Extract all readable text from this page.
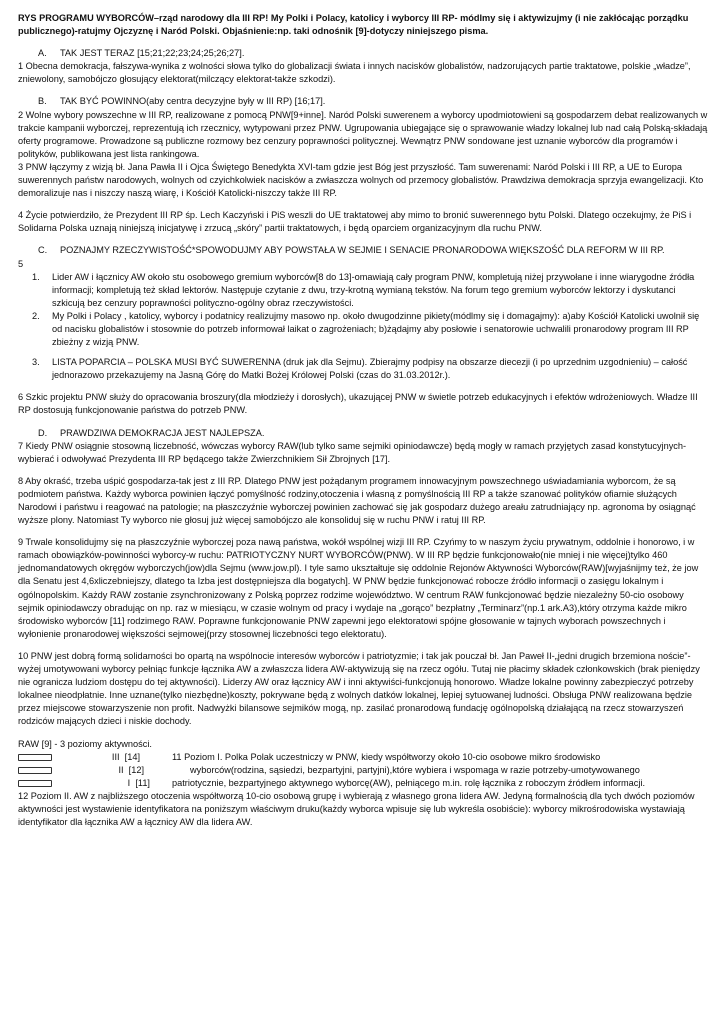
RYS PROGRAMU WYBORCÓW–rząd narodowy dla III RP! My Polki i Polacy, katolicy i wyborcy III RP- módlmy się i aktywizujmy (i nie zakłócając porządku publicznego)-ratujmy Ojczyznę i Naród Polski. Objaśnienie:np. taki odnośnik [9]-dotyczy niniejszego pisma.

A. TAK JEST TERAZ [15;21;22;23;24;25;26;27].

1 Obecna demokracja, fałszywa-wynika z wolności słowa tylko do globalizacji świata i innych nacisków globalistów, nadzorujących partie traktatowe, polskie „władze”, zniewolony, samobójczo głosujący elektorat(milczący elektorat-także szkodzi).

B. TAK BYĆ POWINNO(aby centra decyzyjne były w III RP) [16;17].

2 Wolne wybory powszechne w III RP, realizowane z pomocą PNW[9+inne]. Naród Polski suwerenem a wyborcy upodmiotowieni są gospodarzem debat realizowanych w trakcie kampanii wyborczej, reprezentują ich rzecznicy, wytypowani przez PNW. Ugrupowania ubiegające się o sprawowanie władzy lokalnej lub nad całą Polską-składają oferty programowe. Prowadzone są publiczne rozmowy bez cenzury poprawności politycznej. Wewnątrz PNW sondowane jest uznanie wyborców dla programów i polityków, publikowana jest lista rankingowa.

3 PNW łączymy z wizją bł. Jana Pawła II i Ojca Świętego Benedykta XVI-tam gdzie jest Bóg jest przyszłość. Tam suwerenami: Naród Polski i III RP, a UE to Europa suwerennych państw narodowych, wolnych od czyichkolwiek nacisków a zwłaszcza wolnych od przemocy globalistów. Prawdziwa demokracja sprzyja ewangelizacji. Kto demoralizuje nas i niszczy naszą wiarę, i Kościół Katolicki-niszczy także III RP.

4 Życie potwierdziło, że Prezydent III RP śp. Lech Kaczyński i PiS weszli do UE traktatowej aby mimo to bronić suwerennego bytu Polski. Dlatego oczekujmy, że PiS i Solidarna Polska uznają niniejszą inicjatywę i zrzucą „skóry” partii traktatowych, i będą oparciem organizacyjnym dla ruchu PNW.

C. POZNAJMY RZECZYWISTOŚĆ*SPOWODUJMY ABY POWSTAŁA W SEJMIE I SENACIE PRONARODOWA WIĘKSZOŚĆ DLA REFORM W III RP.

5

1. Lider AW i łącznicy AW około stu osobowego gremium wyborców[8 do 13]-omawiają cały program PNW, kompletują niżej przywołane i inne wiarygodne źródła informacji; kompletują też skład lektorów. Następuje czytanie z dwu, trzy-krotną wymianą tekstów. Na forum tego gremium wyborców lektorzy i dyskutanci szkicują bez cenzury poprawności polityczno-ogólny obraz rzeczywistości.
2. My Polki i Polacy , katolicy, wyborcy i podatnicy realizujmy masowo np. około dwugodzinne pikiety(módlmy się i domagajmy): a)aby Kościół Katolicki uwolnił się od nacisku globalistów i stosownie do potrzeb informował laikat o zagrożeniach; b)żądajmy aby posłowie i senatorowie uchwalili pronarodowy program III RP zbieżny z wizją PNW.
3. LISTA POPARCIA – POLSKA MUSI BYĆ SUWERENNA (druk jak dla Sejmu). Zbierajmy podpisy na obszarze diecezji (i po uprzednim uzgodnieniu) – całość jednorazowo przekazujemy na Jasną Górę do Matki Bożej Królowej Polski (czas do 31.03.2012r.).

6 Szkic projektu PNW służy do opracowania broszury(dla młodzieży i dorosłych), ukazującej PNW w świetle potrzeb edukacyjnych i efektów wdrożeniowych. Władze III RP dostosują funkcjonowanie państwa do potrzeb PNW.

D. PRAWDZIWA DEMOKRACJA JEST NAJLEPSZA.

7 Kiedy PNW osiągnie stosowną liczebność, wówczas wyborcy RAW(lub tylko same sejmiki opiniodawcze) będą mogły w ramach przyjętych zasad konstytucyjnych-wybierać i odwoływać Prezydenta III RP będącego także Zwierzchnikiem Sił Zbrojnych [17].

8 Aby okraść, trzeba uśpić gospodarza-tak jest z III RP. Dlatego PNW jest pożądanym programem innowacyjnym powszechnego uświadamiania wyborcom, że są podmiotem państwa. Każdy wyborca powinien łączyć pomyślność rodziny,otoczenia i własną z pomyślnością III RP a także szanować polityków ofiarnie służących Narodowi i państwu i reagować na patologie; na płaszczyźnie wyborczej powinien zachować się jak gospodarz dużego areału zatrudniający np. agronoma by osiągnąć wyższe plony. Natomiast Ty wyborco nie głosuj już więcej samobójczo ale konsoliduj się w ruchu PNW i ratuj III RP.

9 Trwale konsolidujmy się na płaszczyźnie wyborczej poza nawą państwa, wokół wspólnej wizji III RP. Czyńmy to w naszym życiu prywatnym, oddolnie i honorowo, i w ramach obowiązków-powinności wyborcy-w ruchu: PATRIOTYCZNY NURT WYBORCÓW(PNW). W III RP będzie funkcjonowało(nie mniej i nie więcej)tylko 460 jednomandatowych okręgów wyborczych(jow)dla Sejmu (www.jow.pl). I tyle samo ukształtuje się oddolnie Rejonów Aktywności Wyborców(RAW)[wyjaśnijmy też, że jow dla Senatu jest 4,6xliczebniejszy, dlatego ta Izba jest dostępniejsza dla bogatych]. W PNW będzie funkcjonować robocze źródło informacji o zasięgu lokalnym i ogólnopolskim. Każdy RAW zostanie zsynchronizowany z Polską poprzez rodzime województwo. W centrum RAW funkcjonować będzie niezależny 50-cio osobowy sejmik opiniodawczy obradując on np. raz w miesiącu, w czasie wolnym od pracy i wydaje na „gorąco” bezpłatny „Terminarz”(np.1 ark.A3),który otrzyma każde mikro środowisko wyborców [11] rodzimego RAW. Poprawne funkcjonowanie PNW zapewni jego elektoratowi spójne głosowanie w tajnych wyborach powszechnych i wyłonienie pronarodowej większości sejmowej(przy stosownej liczebności tego elektoratu).

10 PNW jest dobrą formą solidarności bo opartą na wspólnocie interesów wyborców i patriotyzmie; i tak jak pouczał bł. Jan Paweł II-„jedni drugich brzemiona noście”-wyżej umotywowani wyborcy pełniąc funkcje łącznika AW a zwłaszcza lidera AW-aktywizują się na rzecz ogółu. Tutaj nie płacimy składek członkowskich (brak pieniędzy nie ogranicza ludziom dostępu do tej aktywności). Liderzy AW oraz łącznicy AW i inni aktywiści-funkcjonują honorowo. Władze lokalne powinny zabezpieczyć potrzeby lokalnee nieodpłatnie. Inne uznane(tylko niezbędne)koszty, pokrywane będą z wolnych datków lokalnej, lepiej sytuowanej ludności. Obsługa PNW realizowana będzie przez miejscowe stowarzyszenie non profit. Nadwyżki bilansowe sejmików mogą, np. zasilać pronarodową fundację ogólnopolską działającą na rzecz stowarzyszeń rodziców mających dzieci i niskie dochody.

RAW [9] - 3 poziomy aktywności.

III [14]	11 Poziom I. Polka Polak uczestniczy w PNW, kiedy współtworzy około 10-cio osobowe mikro środowisko
II [12]	wyborców(rodzina, sąsiedzi, bezpartyjni, partyjni),które wybiera i wspomaga w razie potrzeby-umotywowanego
I [11] patriotycznie, bezpartyjnego aktywnego wyborcę(AW), pełniącego m.in. rolę łącznika z roboczym źródłem informacji.

12 Poziom II. AW z najbliższego otoczenia współtworzą 10-cio osobową grupę i wybierają z własnego grona lidera AW. Jedyną formalnością dla tych dwóch poziomów aktywności jest wystawienie identyfikatora na poniższym właściwym druku(każdy wyborca wpisuje się lub wykreśla osobiście): wyborcy mikrośrodowiska wystawiają identyfikator dla łącznika AW a łącznicy AW dla lidera AW.
